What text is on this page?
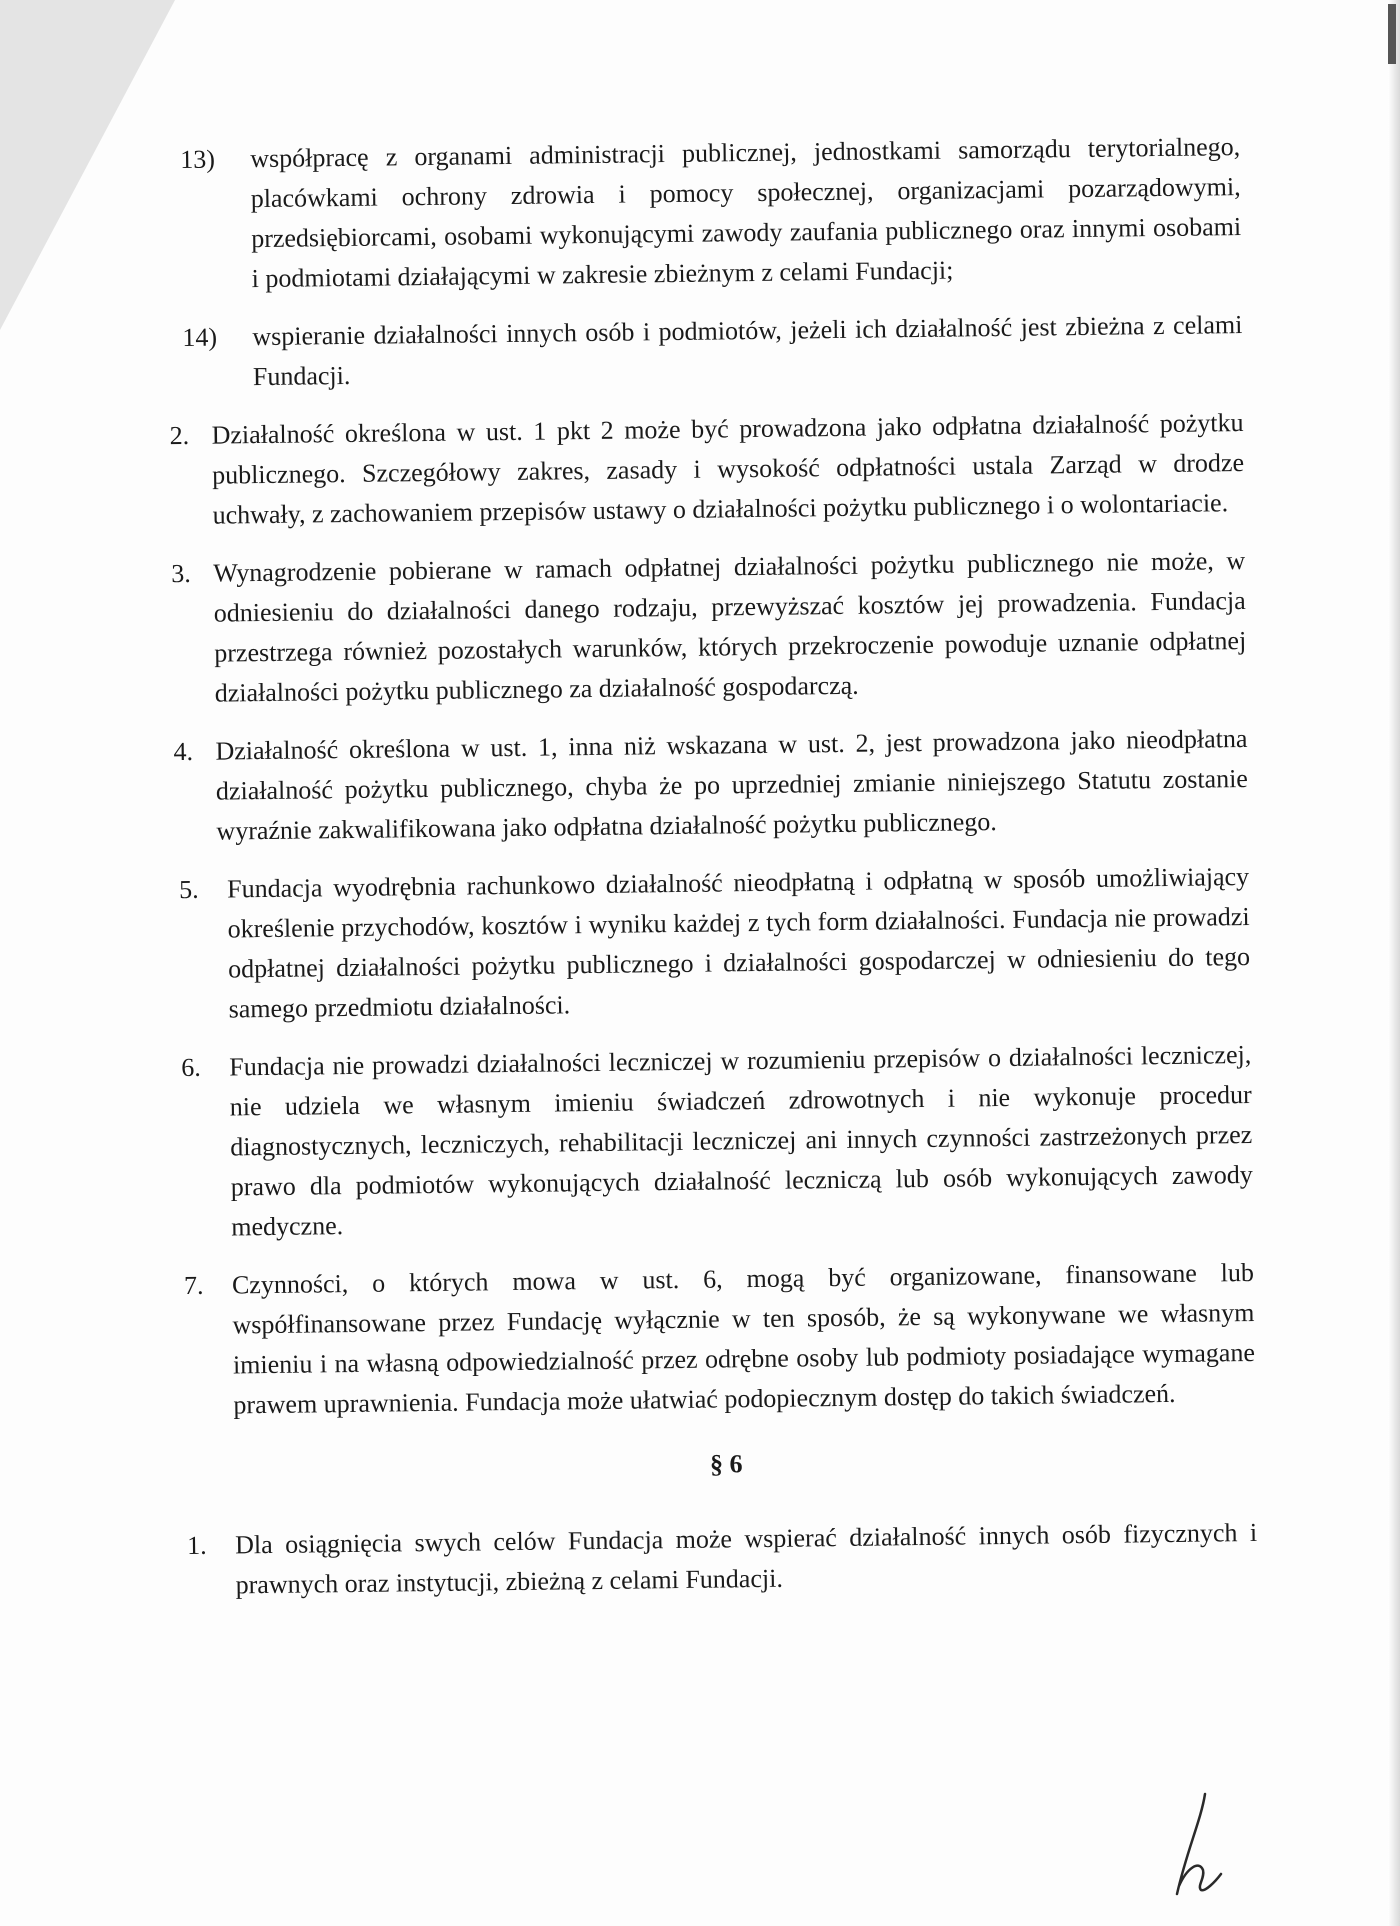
13) współpracę z organami administracji publicznej, jednostkami samorządu terytorialnego, placówkami ochrony zdrowia i pomocy społecznej, organizacjami pozarządowymi, przedsiębiorcami, osobami wykonującymi zawody zaufania publicznego oraz innymi osobami i podmiotami działającymi w zakresie zbieżnym z celami Fundacji;
14) wspieranie działalności innych osób i podmiotów, jeżeli ich działalność jest zbieżna z celami Fundacji.
2. Działalność określona w ust. 1 pkt 2 może być prowadzona jako odpłatna działalność pożytku publicznego. Szczegółowy zakres, zasady i wysokość odpłatności ustala Zarząd w drodze uchwały, z zachowaniem przepisów ustawy o działalności pożytku publicznego i o wolontariacie.
3. Wynagrodzenie pobierane w ramach odpłatnej działalności pożytku publicznego nie może, w odniesieniu do działalności danego rodzaju, przewyższać kosztów jej prowadzenia. Fundacja przestrzega również pozostałych warunków, których przekroczenie powoduje uznanie odpłatnej działalności pożytku publicznego za działalność gospodarczą.
4. Działalność określona w ust. 1, inna niż wskazana w ust. 2, jest prowadzona jako nieodpłatna działalność pożytku publicznego, chyba że po uprzedniej zmianie niniejszego Statutu zostanie wyraźnie zakwalifikowana jako odpłatna działalność pożytku publicznego.
5. Fundacja wyodrębnia rachunkowo działalność nieodpłatną i odpłatną w sposób umożliwiający określenie przychodów, kosztów i wyniku każdej z tych form działalności. Fundacja nie prowadzi odpłatnej działalności pożytku publicznego i działalności gospodarczej w odniesieniu do tego samego przedmiotu działalności.
6. Fundacja nie prowadzi działalności leczniczej w rozumieniu przepisów o działalności leczniczej, nie udziela we własnym imieniu świadczeń zdrowotnych i nie wykonuje procedur diagnostycznych, leczniczych, rehabilitacji leczniczej ani innych czynności zastrzeżonych przez prawo dla podmiotów wykonujących działalność leczniczą lub osób wykonujących zawody medyczne.
7. Czynności, o których mowa w ust. 6, mogą być organizowane, finansowane lub współfinansowane przez Fundację wyłącznie w ten sposób, że są wykonywane we własnym imieniu i na własną odpowiedzialność przez odrębne osoby lub podmioty posiadające wymagane prawem uprawnienia. Fundacja może ułatwiać podopiecznym dostęp do takich świadczeń.
§ 6
1. Dla osiągnięcia swych celów Fundacja może wspierać działalność innych osób fizycznych i prawnych oraz instytucji, zbieżną z celami Fundacji.
